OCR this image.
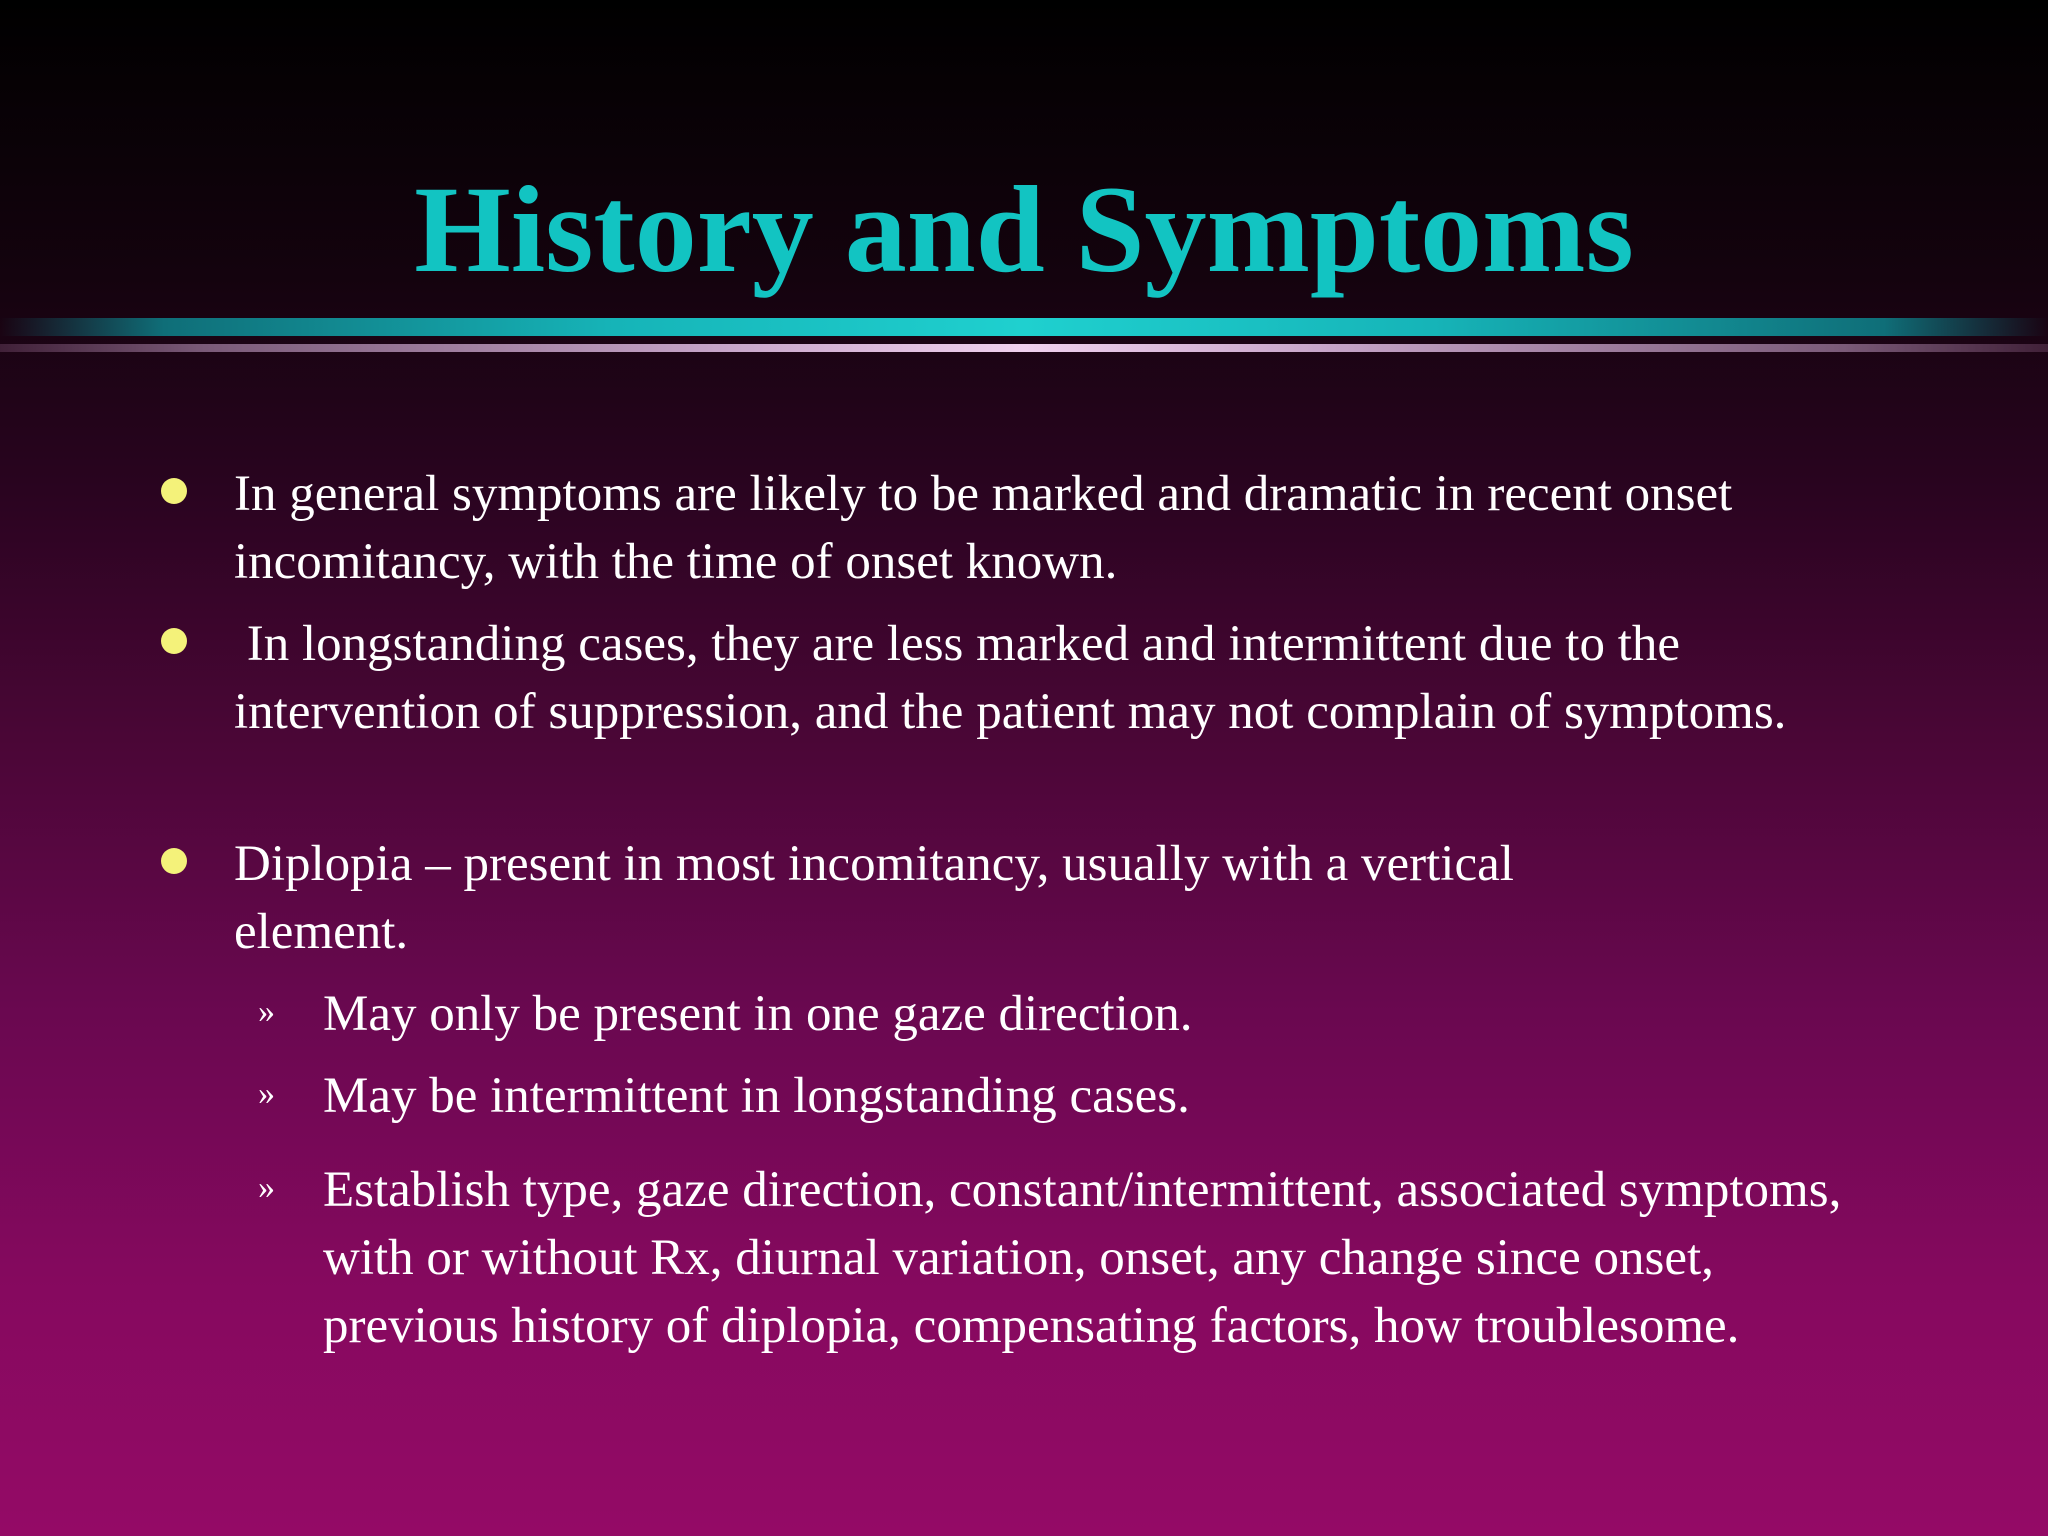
History and Symptoms
In general symptoms are likely to be marked and dramatic in recent onset incomitancy, with the time of onset known.
In longstanding cases, they are less marked and intermittent due to the intervention of suppression, and the patient may not complain of symptoms.
Diplopia – present in most incomitancy, usually with a vertical element.
» May only be present in one gaze direction.
» May be intermittent in longstanding cases.
» Establish type, gaze direction, constant/intermittent, associated symptoms, with or without Rx, diurnal variation, onset, any change since onset, previous history of diplopia, compensating factors, how troublesome.
